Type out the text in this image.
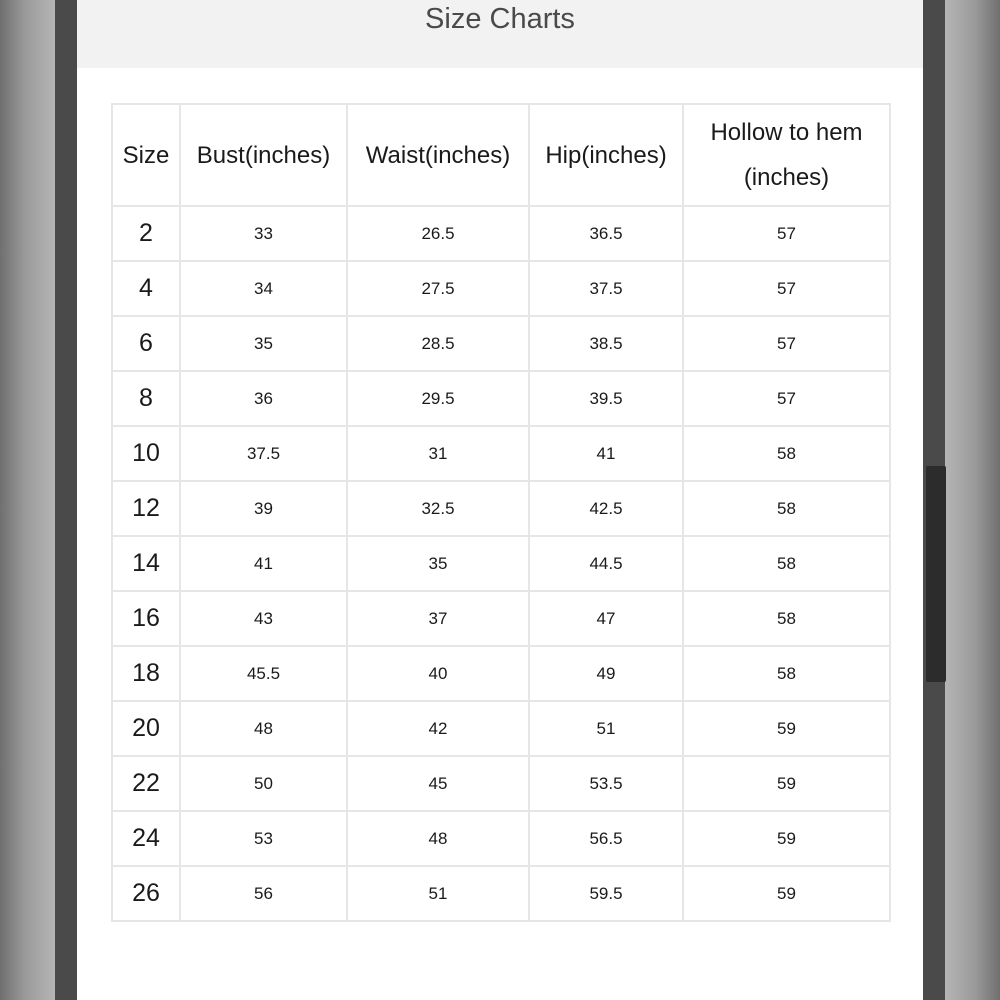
Size Charts
Size	Bust(inches)	Waist(inches)	Hip(inches)	Hollow to hem (inches)
2	33	26.5	36.5	57
4	34	27.5	37.5	57
6	35	28.5	38.5	57
8	36	29.5	39.5	57
10	37.5	31	41	58
12	39	32.5	42.5	58
14	41	35	44.5	58
16	43	37	47	58
18	45.5	40	49	58
20	48	42	51	59
22	50	45	53.5	59
24	53	48	56.5	59
26	56	51	59.5	59
